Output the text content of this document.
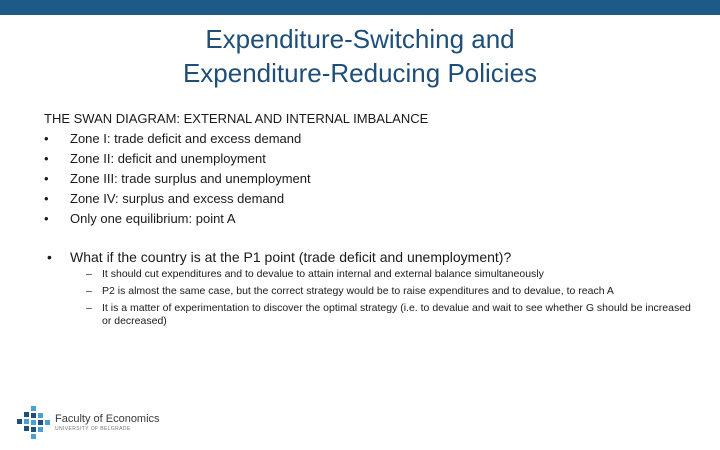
Expenditure-Switching and
Expenditure-Reducing Policies
THE SWAN DIAGRAM: EXTERNAL AND INTERNAL IMBALANCE
•	Zone I: trade deficit and excess demand
•	Zone II: deficit and unemployment
•	Zone III: trade surplus and unemployment
•	Zone IV: surplus and excess demand
•	Only one equilibrium: point A
•	What if the country is at the P1 point (trade deficit and unemployment)?
– It should cut expenditures and to devalue to attain internal and external balance simultaneously
– P2 is almost the same case, but the correct strategy would be to raise expenditures and to devalue, to reach A
– It is a matter of experimentation to discover the optimal strategy (i.e. to devalue and wait to see whether G should be increased or decreased)
Faculty of Economics
UNIVERSITY OF BELGRADE
